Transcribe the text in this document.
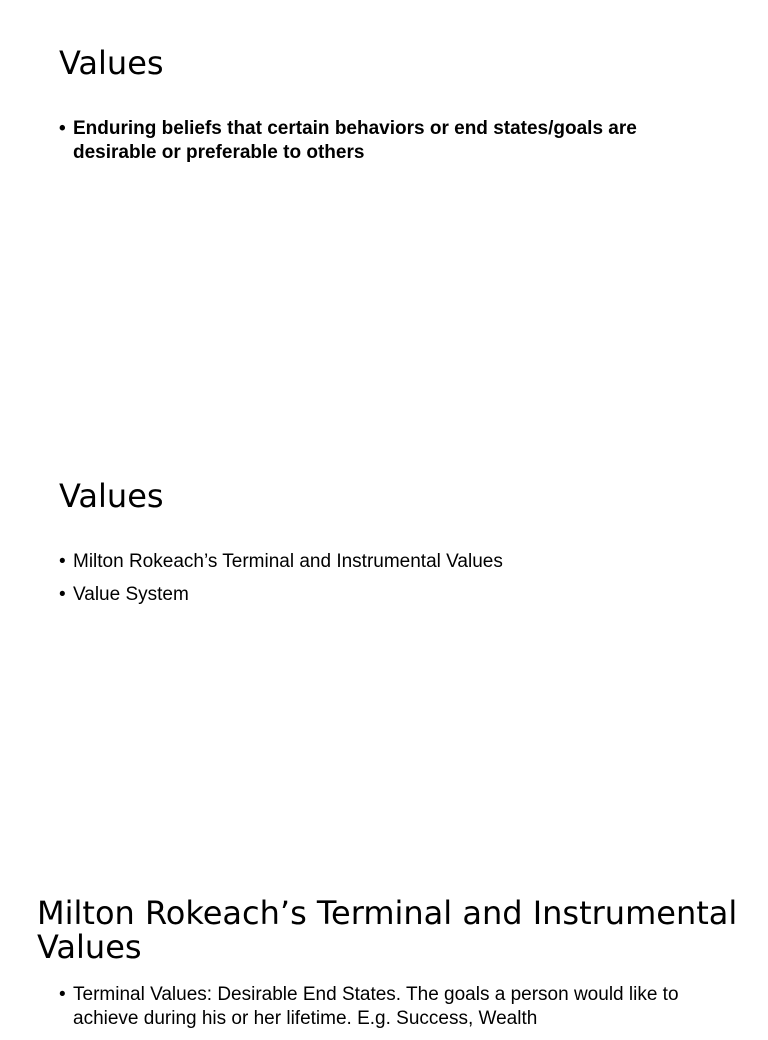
Values
• Enduring beliefs that certain behaviors or end states/goals are desirable or preferable to others
Values
• Milton Rokeach’s Terminal and Instrumental Values
• Value System
Milton Rokeach’s Terminal and Instrumental Values
• Terminal Values: Desirable End States. The goals a person would like to achieve during his or her lifetime. E.g. Success, Wealth
